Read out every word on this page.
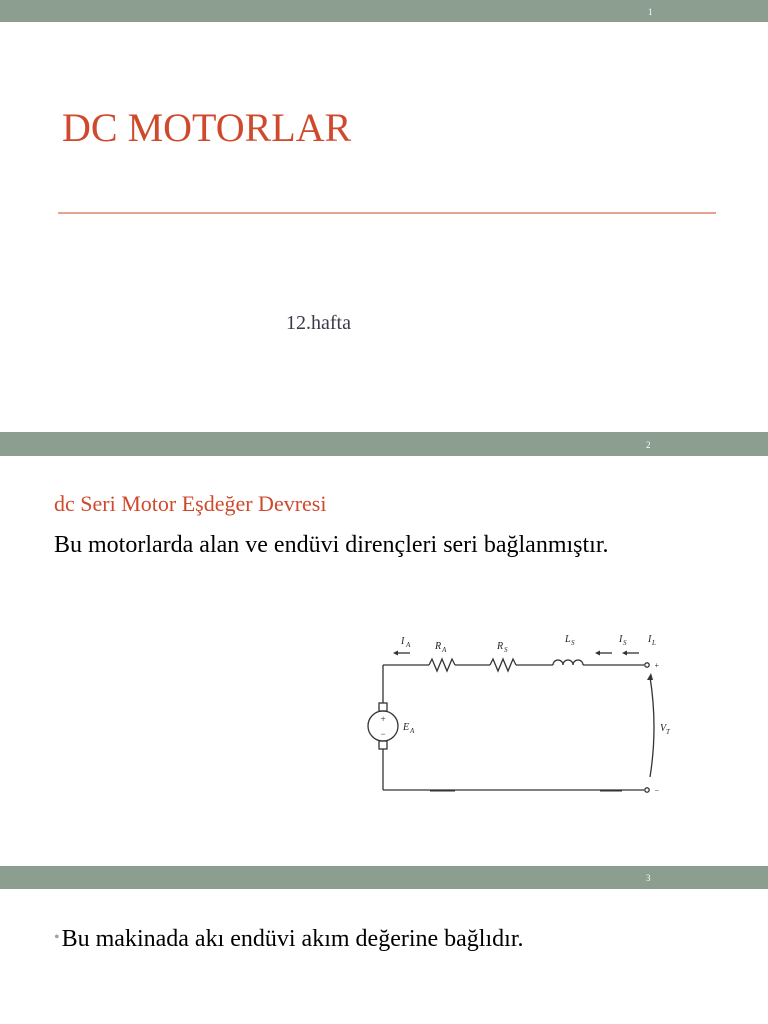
1
DC MOTORLAR
12.hafta
2
dc Seri Motor Eşdeğer Devresi
Bu motorlarda alan ve endüvi dirençleri seri bağlanmıştır.
I A R A	R S
L S	I S I L
E A	V T
+
−
+
−
3
•Bu makinada akı endüvi akım değerine bağlıdır.
